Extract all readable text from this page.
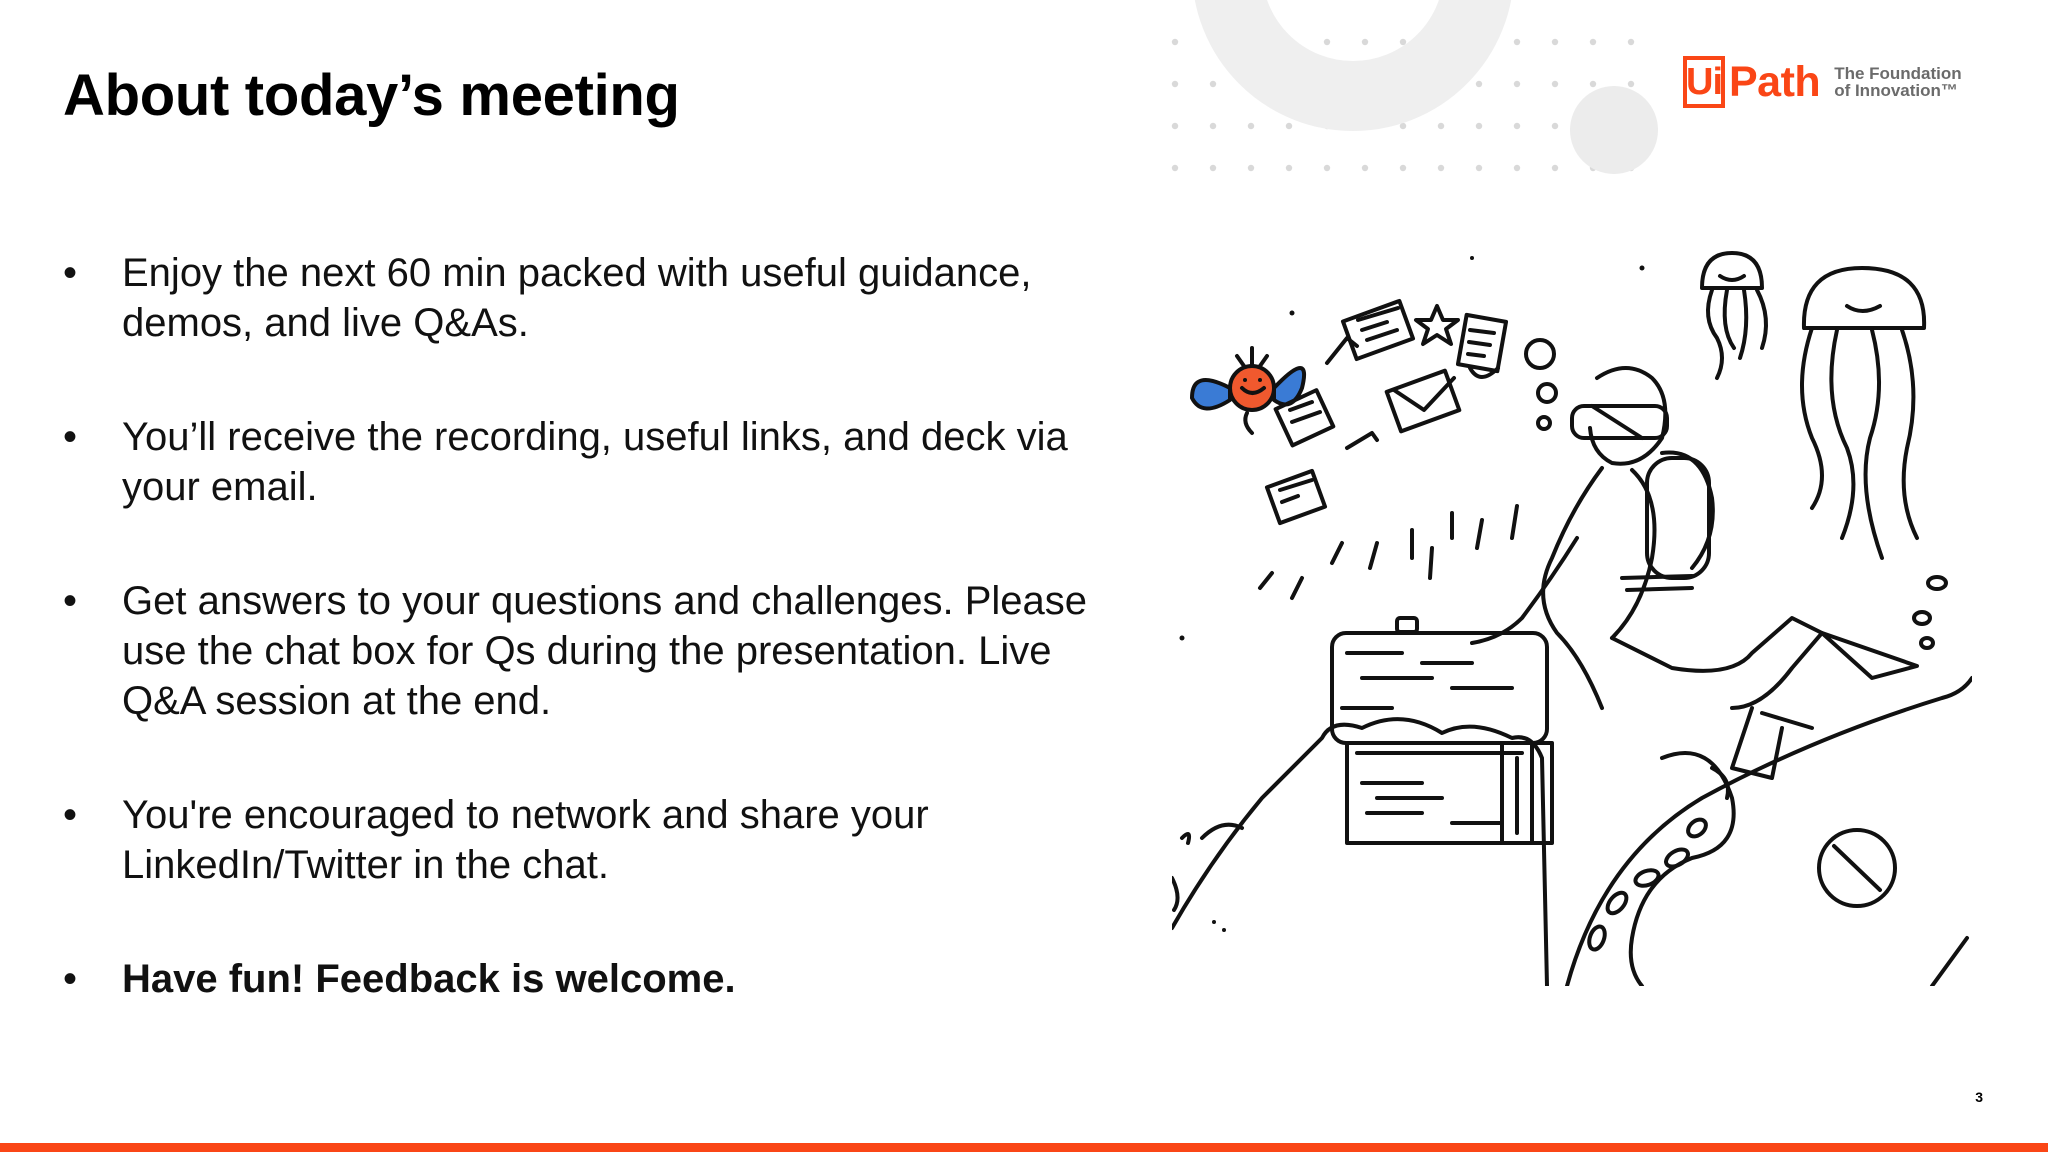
About today’s meeting	Ui Path The Foundation
of Innovation™
•	Enjoy the next 60 min packed with useful guidance, demos, and live Q&As.
•	You’ll receive the recording, useful links, and deck via your email.
•	Get answers to your questions and challenges. Please use the chat box for Qs during the presentation. Live Q&A session at the end.
•	You're encouraged to network and share your LinkedIn/Twitter in the chat.
•	Have fun! Feedback is welcome.
3
